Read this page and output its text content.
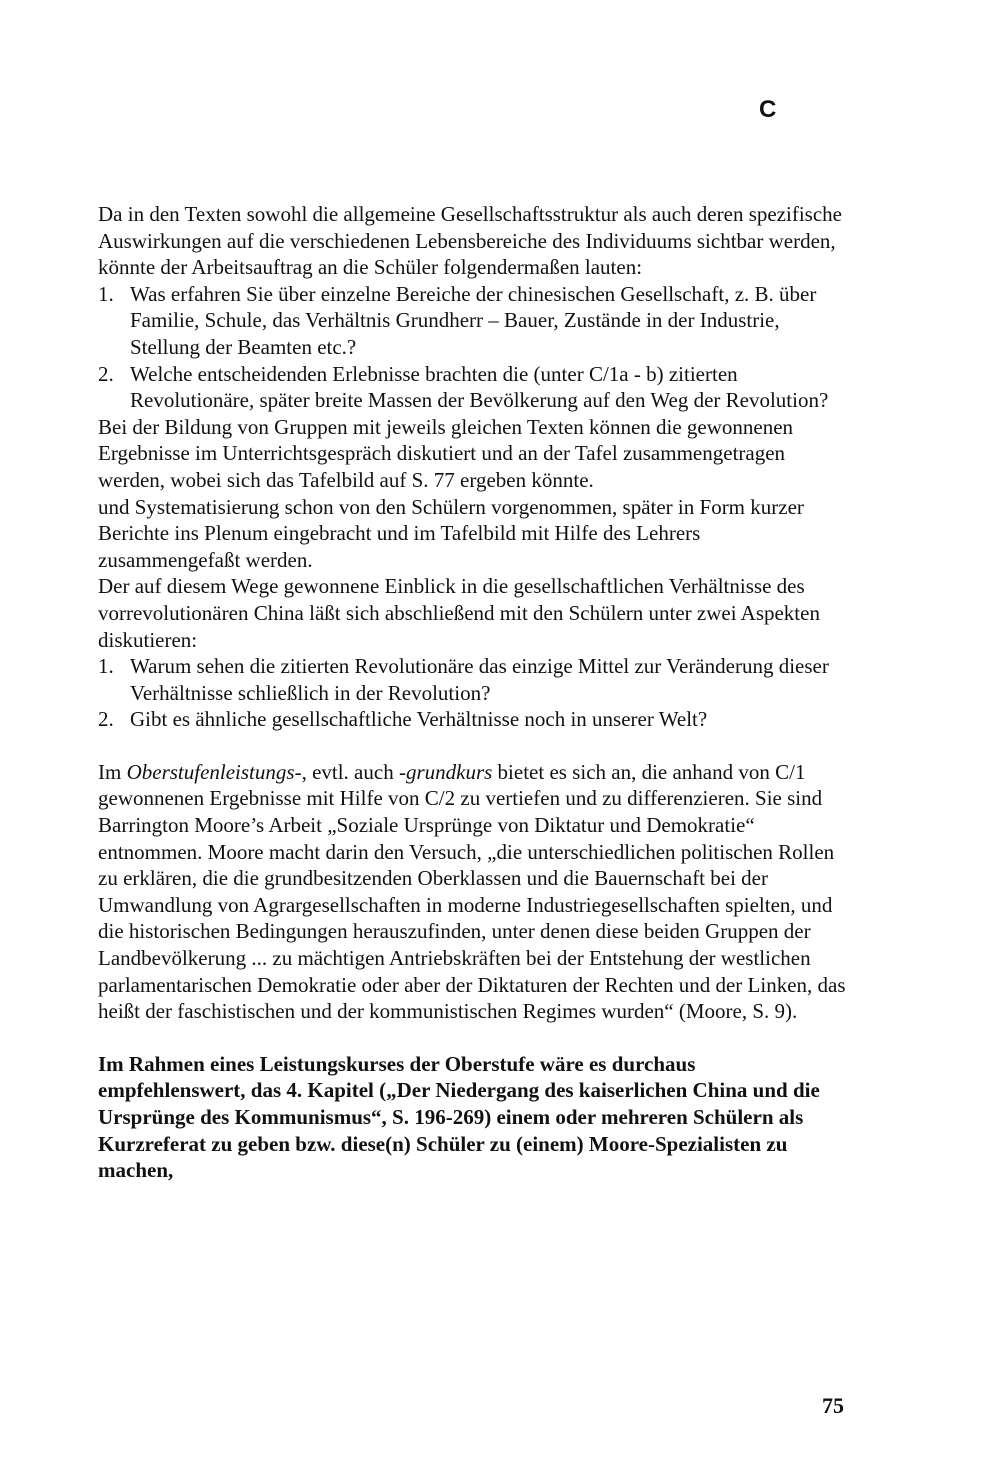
C

Da in den Texten sowohl die allgemeine Gesellschaftsstruktur als auch deren spezifische Auswirkungen auf die verschiedenen Lebensbereiche des Individuums sichtbar werden, könnte der Arbeitsauftrag an die Schüler folgendermaßen lauten:

1. Was erfahren Sie über einzelne Bereiche der chinesischen Gesellschaft, z. B. über Familie, Schule, das Verhältnis Grundherr – Bauer, Zustände in der Industrie, Stellung der Beamten etc.?
2. Welche entscheidenden Erlebnisse brachten die (unter C/1a - b) zitierten Revolutionäre, später breite Massen der Bevölkerung auf den Weg der Revolution?

Bei der Bildung von Gruppen mit jeweils gleichen Texten können die gewonnenen Ergebnisse im Unterrichtsgespräch diskutiert und an der Tafel zusammengetragen werden, wobei sich das Tafelbild auf S. 77 ergeben könnte.

und Systematisierung schon von den Schülern vorgenommen, später in Form kurzer Berichte ins Plenum eingebracht und im Tafelbild mit Hilfe des Lehrers zusammengefaßt werden.

Der auf diesem Wege gewonnene Einblick in die gesellschaftlichen Verhältnisse des vorrevolutionären China läßt sich abschließend mit den Schülern unter zwei Aspekten diskutieren:

1. Warum sehen die zitierten Revolutionäre das einzige Mittel zur Veränderung dieser Verhältnisse schließlich in der Revolution?
2. Gibt es ähnliche gesellschaftliche Verhältnisse noch in unserer Welt?

Im Oberstufenleistungs-, evtl. auch -grundkurs bietet es sich an, die anhand von C/1 gewonnenen Ergebnisse mit Hilfe von C/2 zu vertiefen und zu differenzieren. Sie sind Barrington Moore’s Arbeit „Soziale Ursprünge von Diktatur und Demokratie“ entnommen. Moore macht darin den Versuch, „die unterschiedlichen politischen Rollen zu erklären, die die grundbesitzenden Oberklassen und die Bauernschaft bei der Umwandlung von Agrargesellschaften in moderne Industriegesellschaften spielten, und die historischen Bedingungen herauszufinden, unter denen diese beiden Gruppen der Landbevölkerung ... zu mächtigen Antriebskräften bei der Entstehung der westlichen parlamentarischen Demokratie oder aber der Diktaturen der Rechten und der Linken, das heißt der faschistischen und der kommunistischen Regimes wurden“ (Moore, S. 9).

Im Rahmen eines Leistungskurses der Oberstufe wäre es durchaus empfehlenswert, das 4. Kapitel („Der Niedergang des kaiserlichen China und die Ursprünge des Kommunismus“, S. 196-269) einem oder mehreren Schülern als Kurzreferat zu geben bzw. diese(n) Schüler zu (einem) Moore-Spezialisten zu machen,

75
